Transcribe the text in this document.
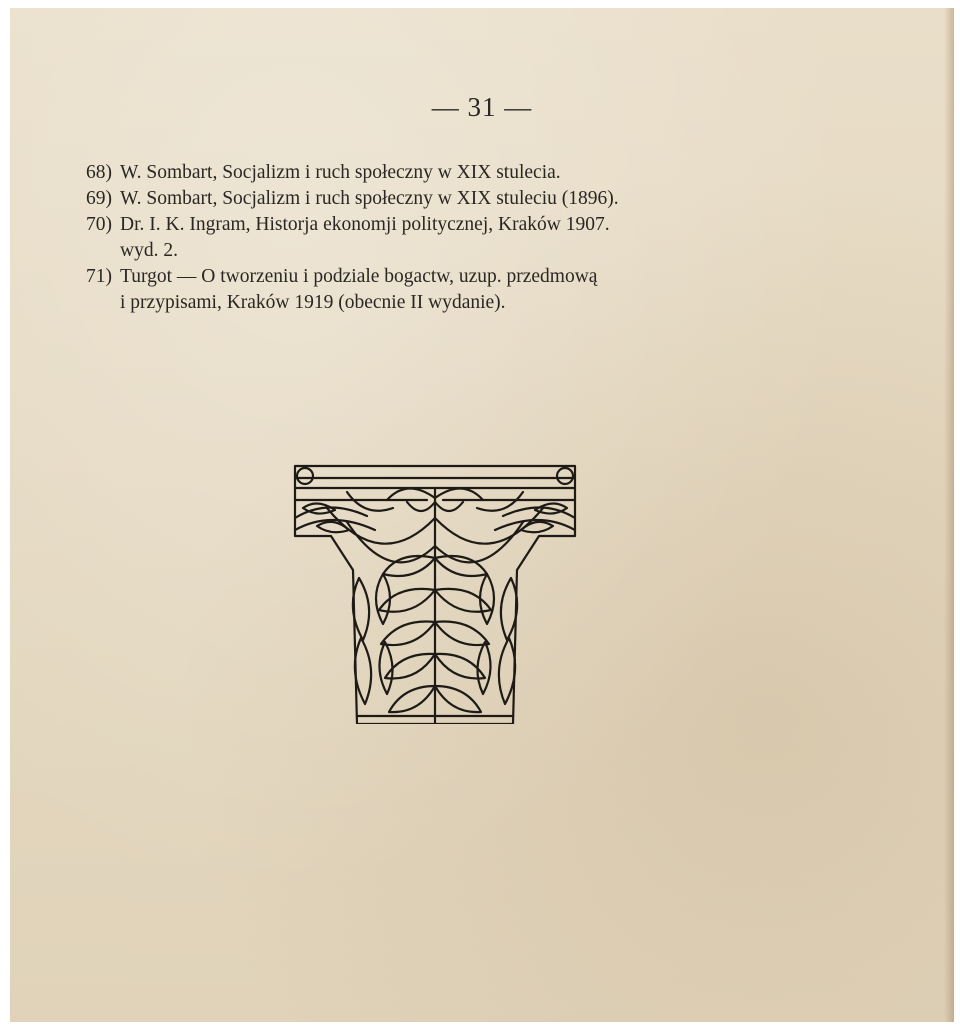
— 31 —
68) W. Sombart, Socjalizm i ruch społeczny w XIX stulecia.
69) W. Sombart, Socjalizm i ruch społeczny w XIX stuleciu (1896).
70) Dr. I. K. Ingram, Historja ekonomji politycznej, Kraków 1907.
wyd. 2.
71) Turgot — O tworzeniu i podziale bogactw, uzup. przedmową
i przypisami, Kraków 1919 (obecnie II wydanie).
